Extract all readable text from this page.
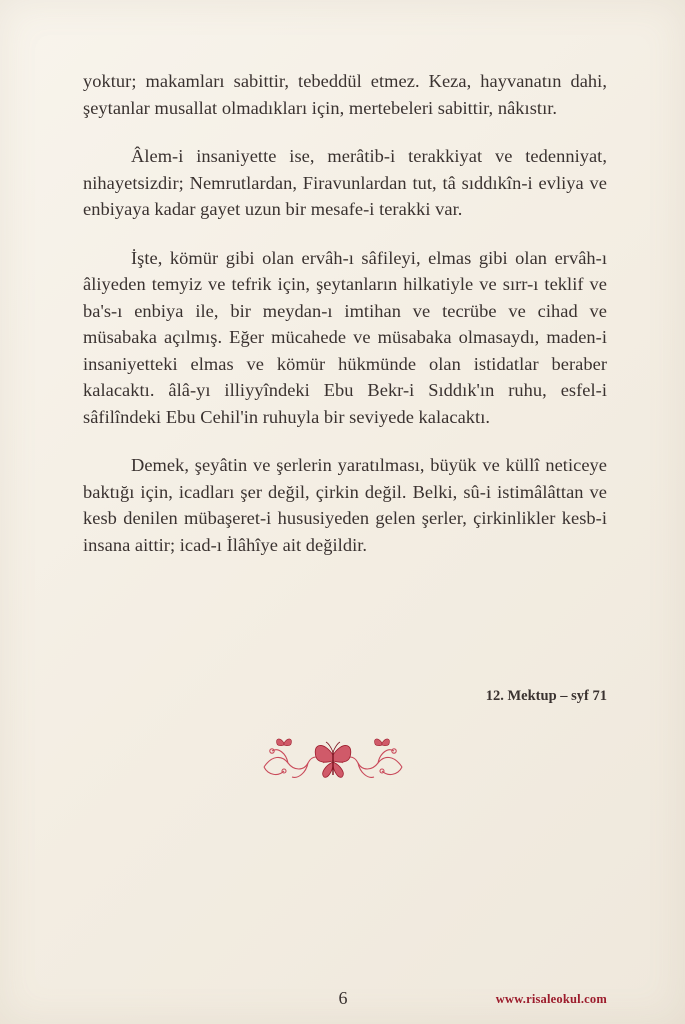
yoktur; makamları sabittir, tebeddül etmez. Keza, hayvanatın dahi, şeytanlar musallat olmadıkları için, mertebeleri sabittir, nâkıstır.

Âlem-i insaniyette ise, merâtib-i terakkiyat ve tedenniyat, nihayetsizdir; Nemrutlardan, Firavunlardan tut, tâ sıddıkîn-i evliya ve enbiyaya kadar gayet uzun bir mesafe-i terakki var.

İşte, kömür gibi olan ervâh-ı sâfileyi, elmas gibi olan ervâh-ı âliyeden temyiz ve tefrik için, şeytanların hilkatiyle ve sırr-ı teklif ve ba's-ı enbiya ile, bir meydan-ı imtihan ve tecrübe ve cihad ve müsabaka açılmış. Eğer mücahede ve müsabaka olmasaydı, maden-i insaniyetteki elmas ve kömür hükmünde olan istidatlar beraber kalacaktı. âlâ-yı illiyyîndeki Ebu Bekr-i Sıddık'ın ruhu, esfel-i sâfilîndeki Ebu Cehil'in ruhuyla bir seviyede kalacaktı.

Demek, şeyâtin ve şerlerin yaratılması, büyük ve küllî neticeye baktığı için, icadları şer değil, çirkin değil. Belki, sû-i istimâlâttan ve kesb denilen mübaşeret-i hususiyeden gelen şerler, çirkinlikler kesb-i insana aittir; icad-ı İlâhîye ait değildir.

12. Mektup – syf 71
6	www.risaleokul.com
